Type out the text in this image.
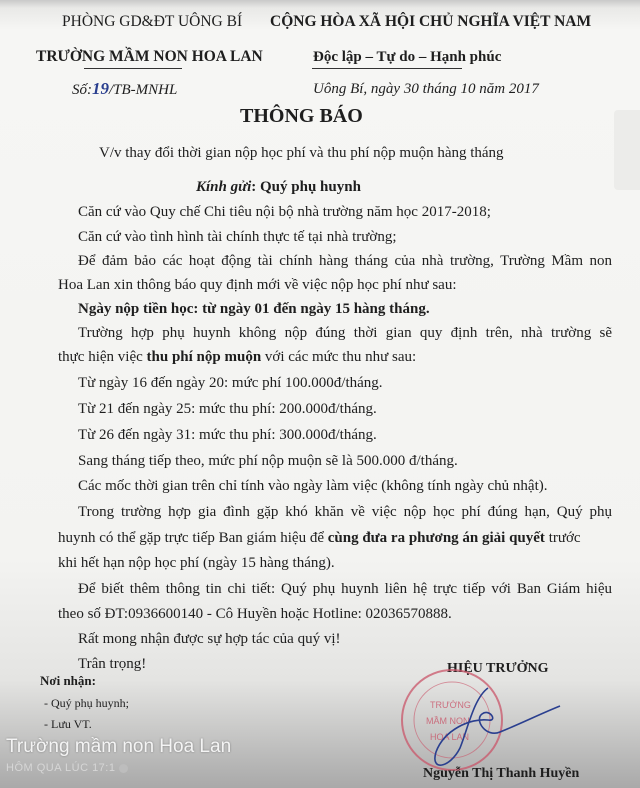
PHÒNG GD&ĐT UÔNG BÍ CỘNG HÒA XÃ HỘI CHỦ NGHĨA VIỆT NAM
TRƯỜNG MẦM NON HOA LAN	Độc lập – Tự do – Hạnh phúc
Số:19/TB-MNHL	Uông Bí, ngày 30 tháng 10 năm 2017
THÔNG BÁO
V/v thay đổi thời gian nộp học phí và thu phí nộp muộn hàng tháng
Kính gửi: Quý phụ huynh
Căn cứ vào Quy chế Chi tiêu nội bộ nhà trường năm học 2017-2018;
Căn cứ vào tình hình tài chính thực tế tại nhà trường;
Để đảm bảo các hoạt động tài chính hàng tháng của nhà trường, Trường Mầm non
Hoa Lan xin thông báo quy định mới về việc nộp học phí như sau:
Ngày nộp tiền học: từ ngày 01 đến ngày 15 hàng tháng.
Trường hợp phụ huynh không nộp đúng thời gian quy định trên, nhà trường sẽ
thực hiện việc thu phí nộp muộn với các mức thu như sau:
Từ ngày 16 đến ngày 20: mức phí 100.000đ/tháng.
Từ 21 đến ngày 25: mức thu phí: 200.000đ/tháng.
Từ 26 đến ngày 31: mức thu phí: 300.000đ/tháng.
Sang tháng tiếp theo, mức phí nộp muộn sẽ là 500.000 đ/tháng.
Các mốc thời gian trên chỉ tính vào ngày làm việc (không tính ngày chủ nhật).
Trong trường hợp gia đình gặp khó khăn về việc nộp học phí đúng hạn, Quý phụ
huynh có thể gặp trực tiếp Ban giám hiệu để cùng đưa ra phương án giải quyết trước
khi hết hạn nộp học phí (ngày 15 hàng tháng).
Để biết thêm thông tin chi tiết: Quý phụ huynh liên hệ trực tiếp với Ban Giám hiệu
theo số ĐT:0936600140 - Cô Huyền hoặc Hotline: 02036570888.
Rất mong nhận được sự hợp tác của quý vị!
Trân trọng!
Nơi nhận:
- Quý phụ huynh;
- Lưu VT.
HIỆU TRƯỞNG
TRƯỜNG
MẦM NON
HOA LAN
Nguyễn Thị Thanh Huyền
Trường mầm non Hoa Lan
HÔM QUA LÚC 17:1
